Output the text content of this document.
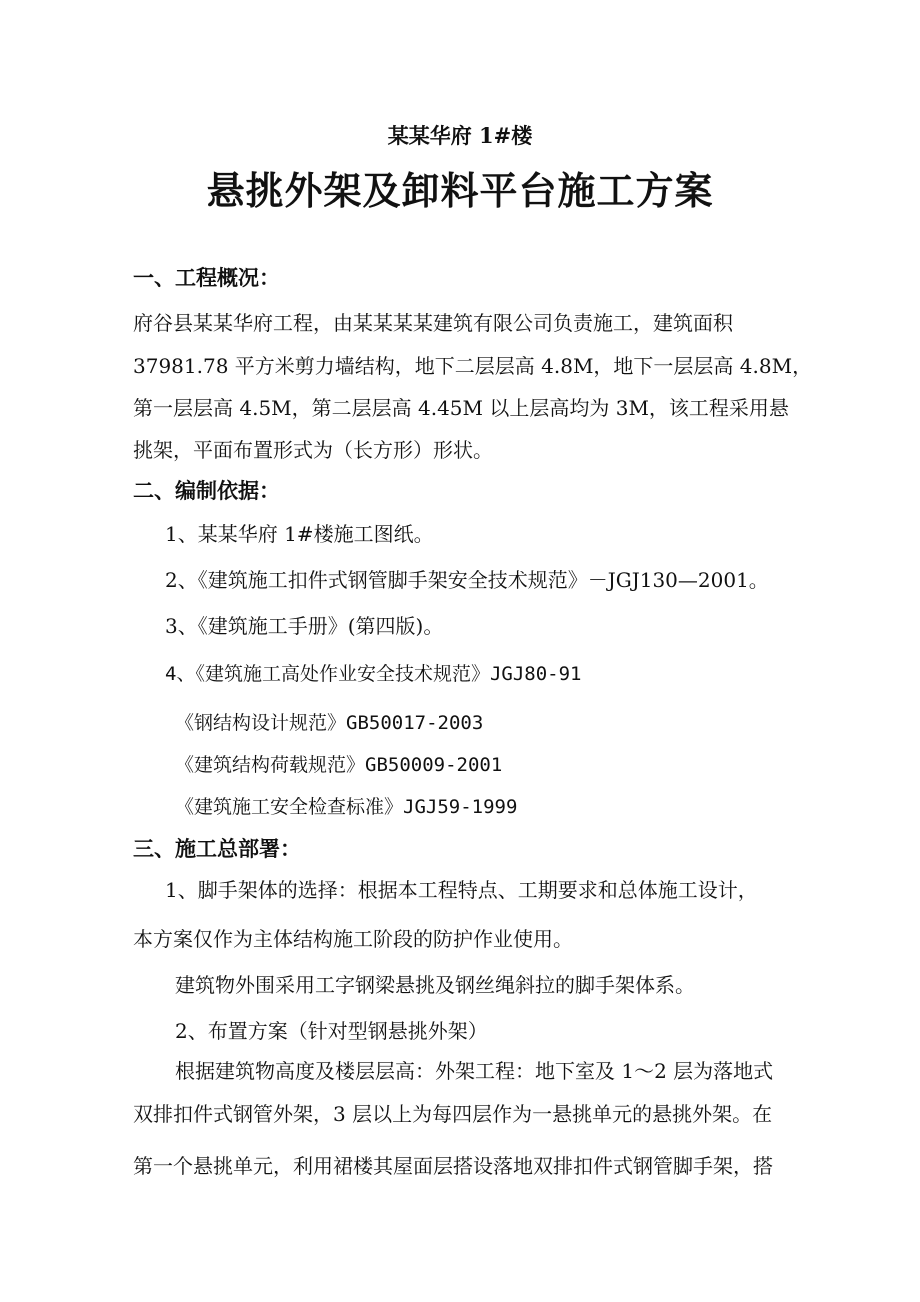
某某华府 1#楼
悬挑外架及卸料平台施工方案
一、工程概况：
府谷县某某华府工程，由某某某某建筑有限公司负责施工，建筑面积
37981.78 平方米剪力墙结构，地下二层层高 4.8M，地下一层层高 4.8M，
第一层层高 4.5M，第二层层高 4.45M 以上层高均为 3M，该工程采用悬
挑架，平面布置形式为（长方形）形状。
二、编制依据：
1、某某华府 1#楼施工图纸。
2、《建筑施工扣件式钢管脚手架安全技术规范》－JGJ130—2001。
3、《建筑施工手册》(第四版)。
4、《建筑施工高处作业安全技术规范》JGJ80-91
《钢结构设计规范》GB50017-2003
《建筑结构荷载规范》GB50009-2001
《建筑施工安全检查标准》JGJ59-1999
三、施工总部署：
1、脚手架体的选择：根据本工程特点、工期要求和总体施工设计，
本方案仅作为主体结构施工阶段的防护作业使用。
建筑物外围采用工字钢梁悬挑及钢丝绳斜拉的脚手架体系。
2、布置方案（针对型钢悬挑外架）
根据建筑物高度及楼层层高：外架工程：地下室及 1～2 层为落地式
双排扣件式钢管外架，3 层以上为每四层作为一悬挑单元的悬挑外架。在
第一个悬挑单元，利用裙楼其屋面层搭设落地双排扣件式钢管脚手架，搭
